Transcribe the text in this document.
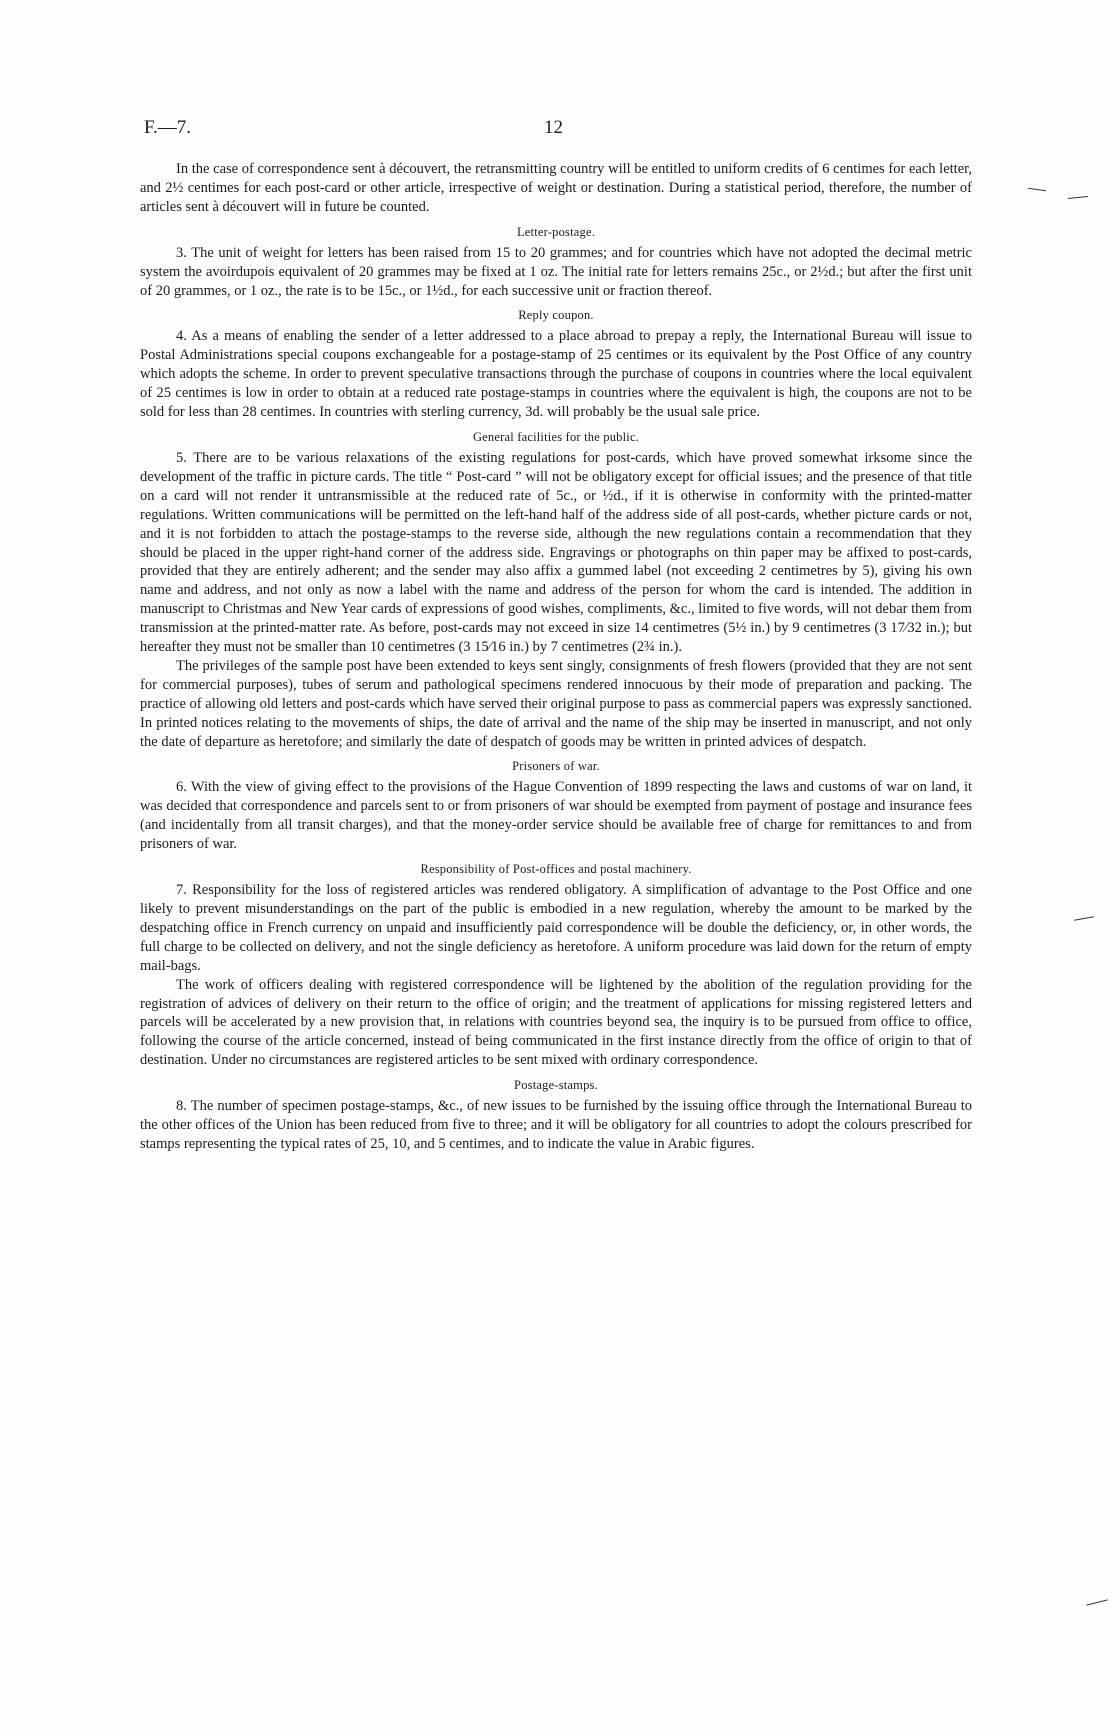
F.—7.	12

In the case of correspondence sent à découvert, the retransmitting country will be entitled to uniform credits of 6 centimes for each letter, and 2½ centimes for each post-card or other article, irrespective of weight or destination. During a statistical period, therefore, the number of articles sent à découvert will in future be counted.

Letter-postage.

3. The unit of weight for letters has been raised from 15 to 20 grammes; and for countries which have not adopted the decimal metric system the avoirdupois equivalent of 20 grammes may be fixed at 1 oz. The initial rate for letters remains 25c., or 2½d.; but after the first unit of 20 grammes, or 1 oz., the rate is to be 15c., or 1½d., for each successive unit or fraction thereof.

Reply coupon.

4. As a means of enabling the sender of a letter addressed to a place abroad to prepay a reply, the International Bureau will issue to Postal Administrations special coupons exchangeable for a postage-stamp of 25 centimes or its equivalent by the Post Office of any country which adopts the scheme. In order to prevent speculative transactions through the purchase of coupons in countries where the local equivalent of 25 centimes is low in order to obtain at a reduced rate postage-stamps in countries where the equivalent is high, the coupons are not to be sold for less than 28 centimes. In countries with sterling currency, 3d. will probably be the usual sale price.

General facilities for the public.

5. There are to be various relaxations of the existing regulations for post-cards, which have proved somewhat irksome since the development of the traffic in picture cards. The title “ Post-card ” will not be obligatory except for official issues; and the presence of that title on a card will not render it untransmissible at the reduced rate of 5c., or ½d., if it is otherwise in conformity with the printed-matter regulations. Written communications will be permitted on the left-hand half of the address side of all post-cards, whether picture cards or not, and it is not forbidden to attach the postage-stamps to the reverse side, although the new regulations contain a recommendation that they should be placed in the upper right-hand corner of the address side. Engravings or photographs on thin paper may be affixed to post-cards, provided that they are entirely adherent; and the sender may also affix a gummed label (not exceeding 2 centimetres by 5), giving his own name and address, and not only as now a label with the name and address of the person for whom the card is intended. The addition in manuscript to Christmas and New Year cards of expressions of good wishes, compliments, &c., limited to five words, will not debar them from transmission at the printed-matter rate. As before, post-cards may not exceed in size 14 centimetres (5½ in.) by 9 centimetres (3 17⁄32 in.); but hereafter they must not be smaller than 10 centimetres (3 15⁄16 in.) by 7 centimetres (2¾ in.).

The privileges of the sample post have been extended to keys sent singly, consignments of fresh flowers (provided that they are not sent for commercial purposes), tubes of serum and pathological specimens rendered innocuous by their mode of preparation and packing. The practice of allowing old letters and post-cards which have served their original purpose to pass as commercial papers was expressly sanctioned. In printed notices relating to the movements of ships, the date of arrival and the name of the ship may be inserted in manuscript, and not only the date of departure as heretofore; and similarly the date of despatch of goods may be written in printed advices of despatch.

Prisoners of war.

6. With the view of giving effect to the provisions of the Hague Convention of 1899 respecting the laws and customs of war on land, it was decided that correspondence and parcels sent to or from prisoners of war should be exempted from payment of postage and insurance fees (and incidentally from all transit charges), and that the money-order service should be available free of charge for remittances to and from prisoners of war.

Responsibility of Post-offices and postal machinery.

7. Responsibility for the loss of registered articles was rendered obligatory. A simplification of advantage to the Post Office and one likely to prevent misunderstandings on the part of the public is embodied in a new regulation, whereby the amount to be marked by the despatching office in French currency on unpaid and insufficiently paid correspondence will be double the deficiency, or, in other words, the full charge to be collected on delivery, and not the single deficiency as heretofore. A uniform procedure was laid down for the return of empty mail-bags.

The work of officers dealing with registered correspondence will be lightened by the abolition of the regulation providing for the registration of advices of delivery on their return to the office of origin; and the treatment of applications for missing registered letters and parcels will be accelerated by a new provision that, in relations with countries beyond sea, the inquiry is to be pursued from office to office, following the course of the article concerned, instead of being communicated in the first instance directly from the office of origin to that of destination. Under no circumstances are registered articles to be sent mixed with ordinary correspondence.

Postage-stamps.

8. The number of specimen postage-stamps, &c., of new issues to be furnished by the issuing office through the International Bureau to the other offices of the Union has been reduced from five to three; and it will be obligatory for all countries to adopt the colours prescribed for stamps representing the typical rates of 25, 10, and 5 centimes, and to indicate the value in Arabic figures.
